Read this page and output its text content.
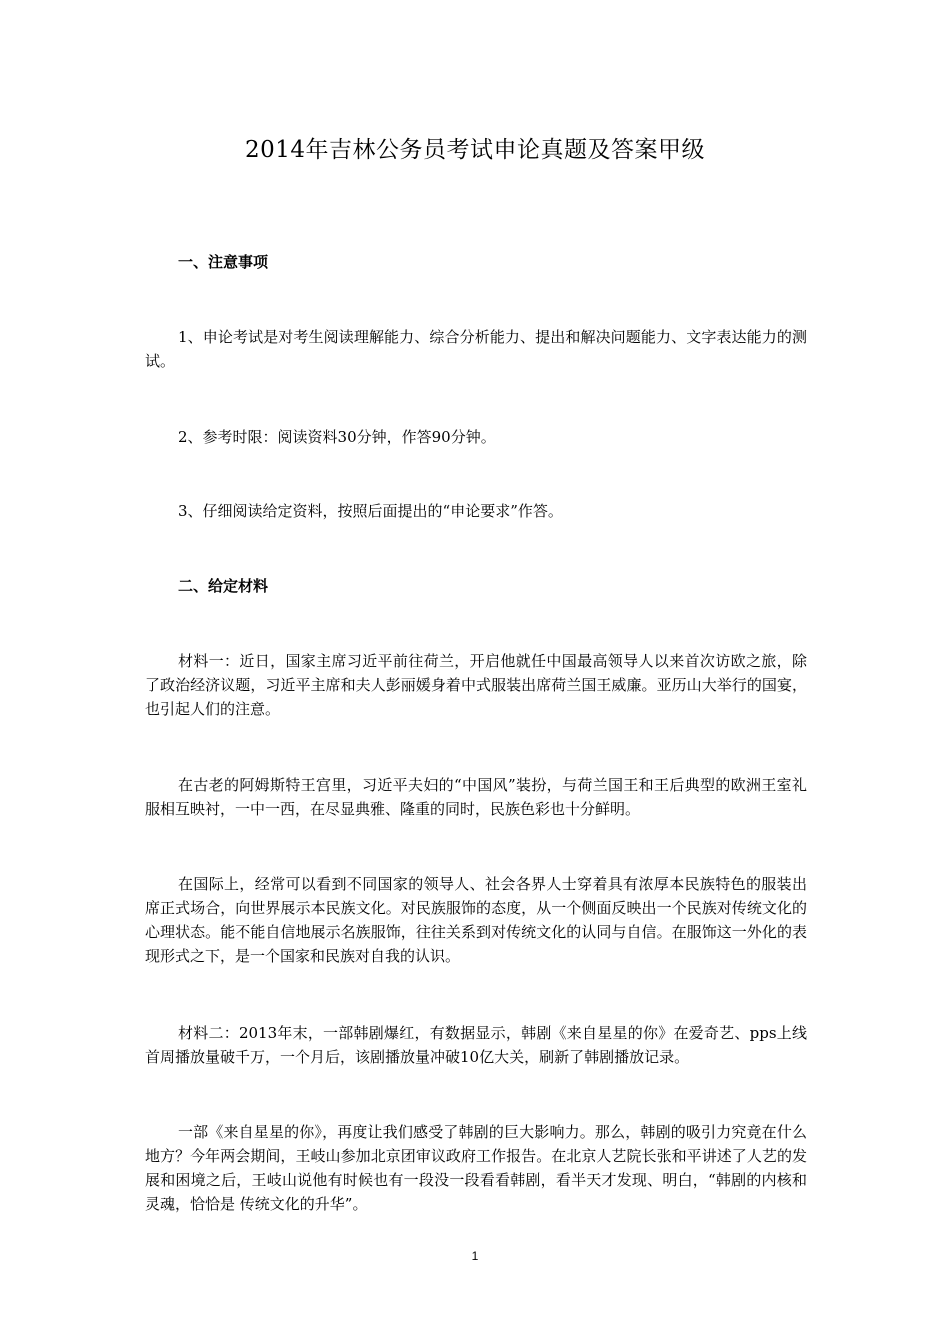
2014年吉林公务员考试申论真题及答案甲级
一、注意事项
1、申论考试是对考生阅读理解能力、综合分析能力、提出和解决问题能力、文字表达能力的测试。
2、参考时限：阅读资料30分钟，作答90分钟。
3、仔细阅读给定资料，按照后面提出的“申论要求”作答。
二、给定材料
材料一：近日，国家主席习近平前往荷兰，开启他就任中国最高领导人以来首次访欧之旅，除了政治经济议题，习近平主席和夫人彭丽媛身着中式服装出席荷兰国王威廉。亚历山大举行的国宴，也引起人们的注意。
在古老的阿姆斯特王宫里，习近平夫妇的“中国风”装扮，与荷兰国王和王后典型的欧洲王室礼服相互映衬，一中一西，在尽显典雅、隆重的同时，民族色彩也十分鲜明。
在国际上，经常可以看到不同国家的领导人、社会各界人士穿着具有浓厚本民族特色的服装出席正式场合，向世界展示本民族文化。对民族服饰的态度，从一个侧面反映出一个民族对传统文化的心理状态。能不能自信地展示名族服饰，往往关系到对传统文化的认同与自信。在服饰这一外化的表现形式之下，是一个国家和民族对自我的认识。
材料二：2013年末，一部韩剧爆红，有数据显示，韩剧《来自星星的你》在爱奇艺、pps上线首周播放量破千万，一个月后，该剧播放量冲破10亿大关，刷新了韩剧播放记录。
一部《来自星星的你》，再度让我们感受了韩剧的巨大影响力。那么，韩剧的吸引力究竟在什么地方？今年两会期间，王岐山参加北京团审议政府工作报告。在北京人艺院长张和平讲述了人艺的发展和困境之后，王岐山说他有时候也有一段没一段看看韩剧，看半天才发现、明白，“韩剧的内核和灵魂，恰恰是 传统文化的升华”。
1
